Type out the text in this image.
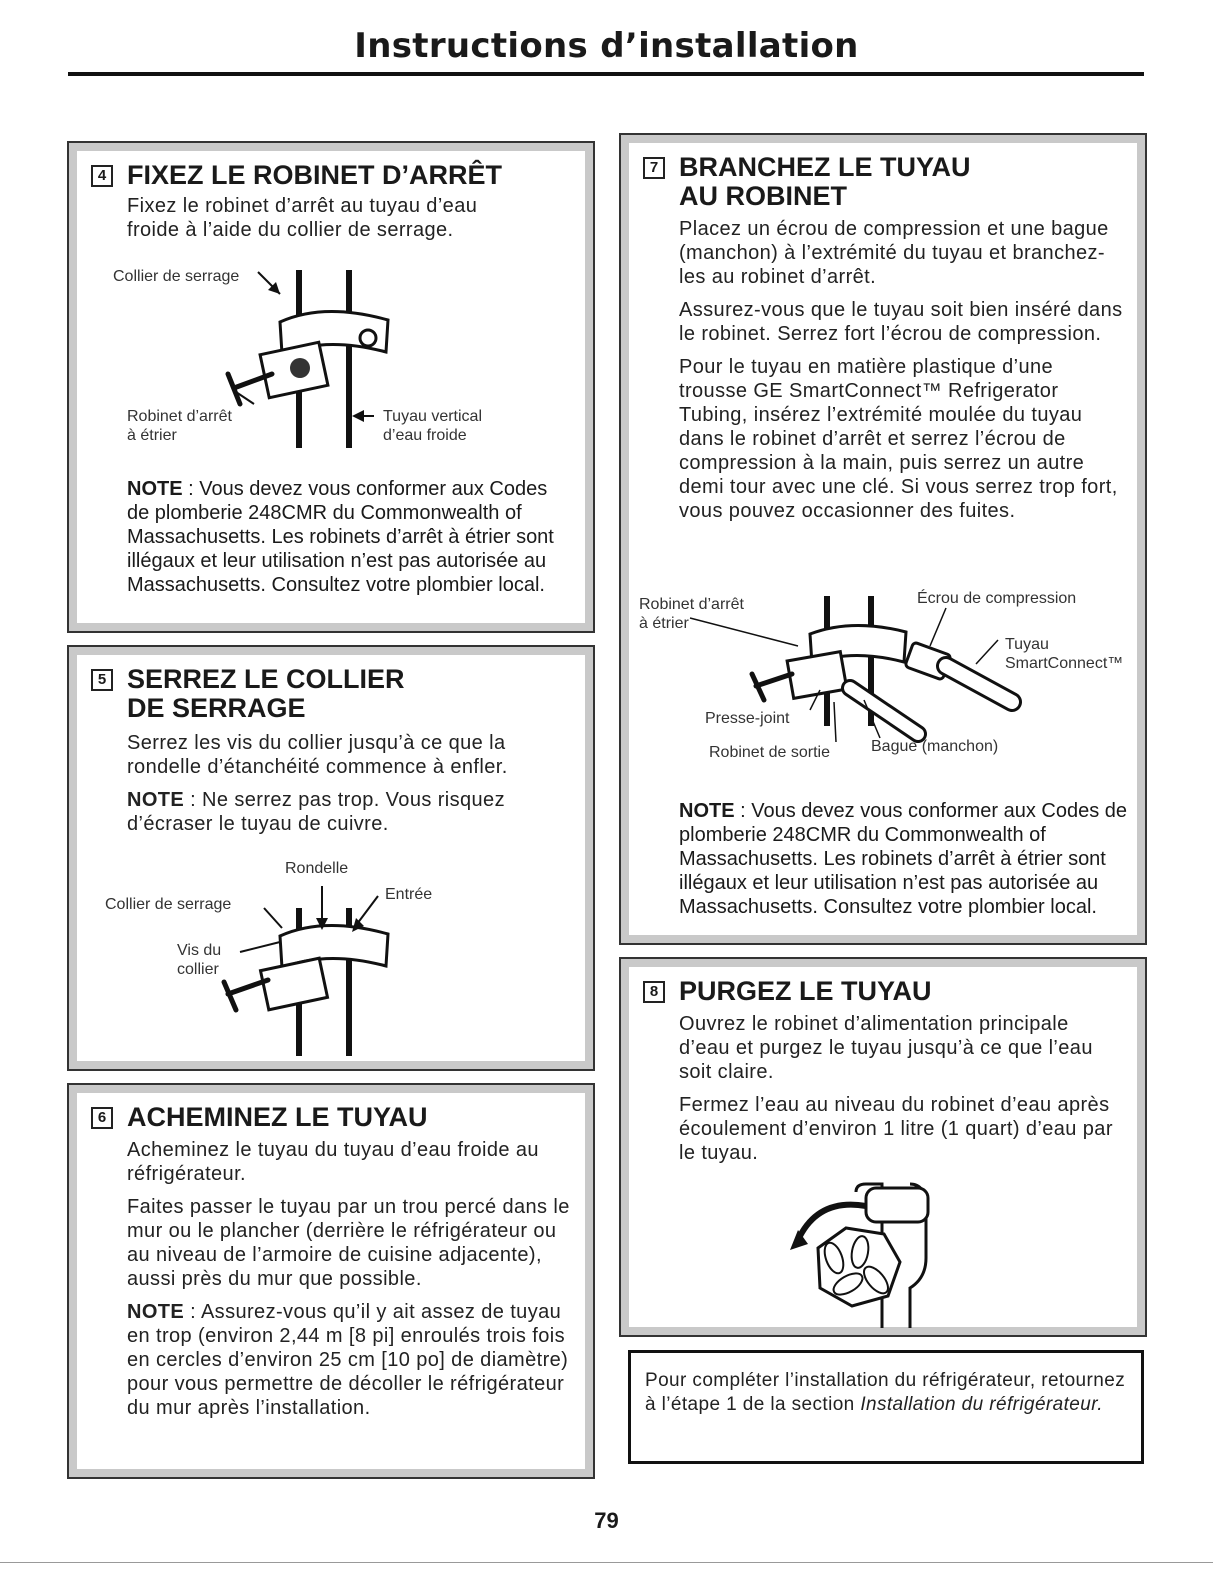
Instructions d’installation
4 FIXEZ LE ROBINET D’ARRÊT
Fixez le robinet d’arrêt au tuyau d’eau
froide à l’aide du collier de serrage.
Collier de serrage
Robinet d’arrêt
à étrier
Tuyau vertical
d’eau froide
NOTE : Vous devez vous conformer aux Codes de plomberie 248CMR du Commonwealth of Massachusetts. Les robinets d’arrêt à étrier sont illégaux et leur utilisation n’est pas autorisée au Massachusetts. Consultez votre plombier local.
5 SERREZ LE COLLIER
DE SERRAGE
Serrez les vis du collier jusqu’à ce que la rondelle d’étanchéité commence à enfler.
NOTE : Ne serrez pas trop. Vous risquez d’écraser le tuyau de cuivre.
Rondelle
Collier de serrage
Entrée
Vis du
collier
6 ACHEMINEZ LE TUYAU
Acheminez le tuyau du tuyau d’eau froide au réfrigérateur.
Faites passer le tuyau par un trou percé dans le mur ou le plancher (derrière le réfrigérateur ou au niveau de l’armoire de cuisine adjacente), aussi près du mur que possible.
NOTE : Assurez-vous qu’il y ait assez de tuyau en trop (environ 2,44 m [8 pi] enroulés trois fois en cercles d’environ 25 cm [10 po] de diamètre) pour vous permettre de décoller le réfrigérateur du mur après l’installation.
7 BRANCHEZ LE TUYAU
AU ROBINET
Placez un écrou de compression et une bague (manchon) à l’extrémité du tuyau et branchez-les au robinet d’arrêt.
Assurez-vous que le tuyau soit bien inséré dans le robinet. Serrez fort l’écrou de compression.
Pour le tuyau en matière plastique d’une trousse GE SmartConnect™ Refrigerator Tubing, insérez l’extrémité moulée du tuyau dans le robinet d’arrêt et serrez l’écrou de compression à la main, puis serrez un autre demi tour avec une clé. Si vous serrez trop fort, vous pouvez occasionner des fuites.
Robinet d’arrêt
à étrier
Écrou de compression
Tuyau
SmartConnect™
Presse-joint
Robinet de sortie	Bague (manchon)
NOTE : Vous devez vous conformer aux Codes de plomberie 248CMR du Commonwealth of Massachusetts. Les robinets d’arrêt à étrier sont illégaux et leur utilisation n’est pas autorisée au Massachusetts. Consultez votre plombier local.
8 PURGEZ LE TUYAU
Ouvrez le robinet d’alimentation principale d’eau et purgez le tuyau jusqu’à ce que l’eau soit claire.
Fermez l’eau au niveau du robinet d’eau après écoulement d’environ 1 litre (1 quart) d’eau par le tuyau.
Pour compléter l’installation du réfrigérateur, retournez à l’étape 1 de la section Installation du réfrigérateur.
79
